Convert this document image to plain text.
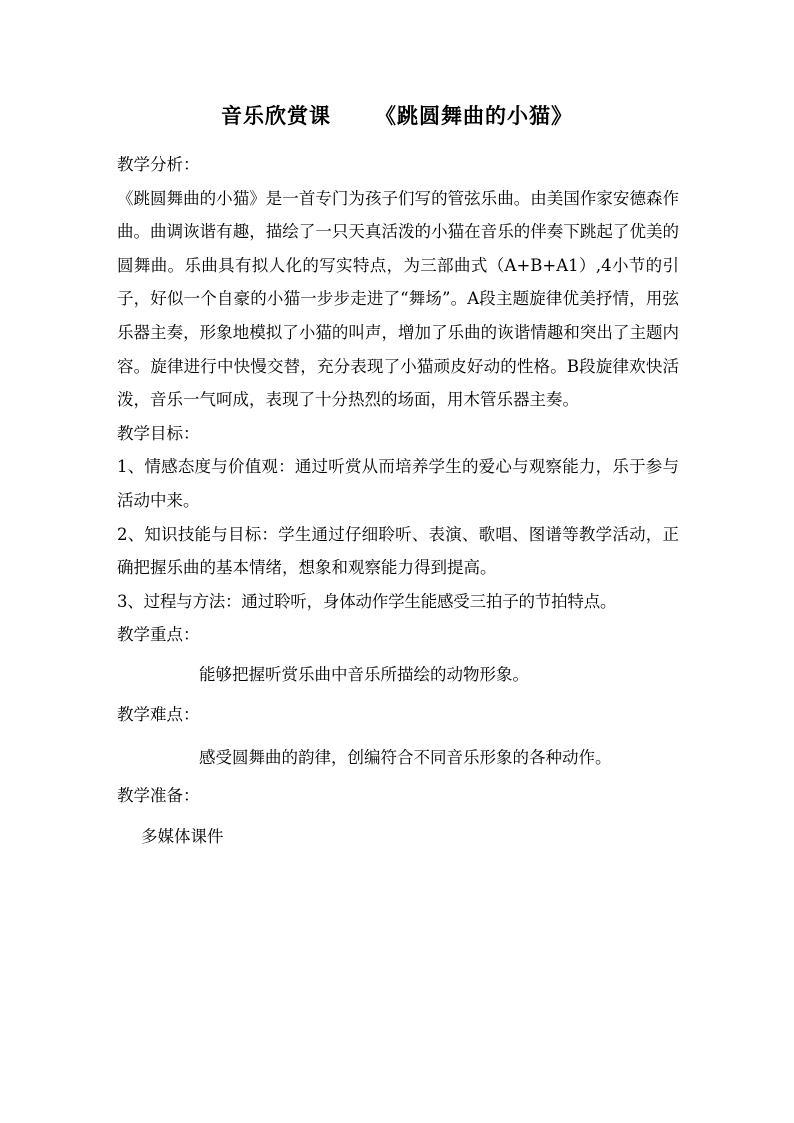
音乐欣赏课 《跳圆舞曲的小猫》

教学分析：

《跳圆舞曲的小猫》是一首专门为孩子们写的管弦乐曲。由美国作家安德森作曲。曲调诙谐有趣，描绘了一只天真活泼的小猫在音乐的伴奏下跳起了优美的圆舞曲。乐曲具有拟人化的写实特点，为三部曲式（A+B+A1）,4小节的引子，好似一个自豪的小猫一步步走进了“舞场”。A段主题旋律优美抒情，用弦乐器主奏，形象地模拟了小猫的叫声，增加了乐曲的诙谐情趣和突出了主题内容。旋律进行中快慢交替，充分表现了小猫顽皮好动的性格。B段旋律欢快活泼，音乐一气呵成，表现了十分热烈的场面，用木管乐器主奏。

教学目标：

1、情感态度与价值观：通过听赏从而培养学生的爱心与观察能力，乐于参与活动中来。

2、知识技能与目标：学生通过仔细聆听、表演、歌唱、图谱等教学活动，正确把握乐曲的基本情绪，想象和观察能力得到提高。

3、过程与方法：通过聆听，身体动作学生能感受三拍子的节拍特点。

教学重点：

能够把握听赏乐曲中音乐所描绘的动物形象。

教学难点：

感受圆舞曲的韵律，创编符合不同音乐形象的各种动作。

教学准备：

多媒体课件
